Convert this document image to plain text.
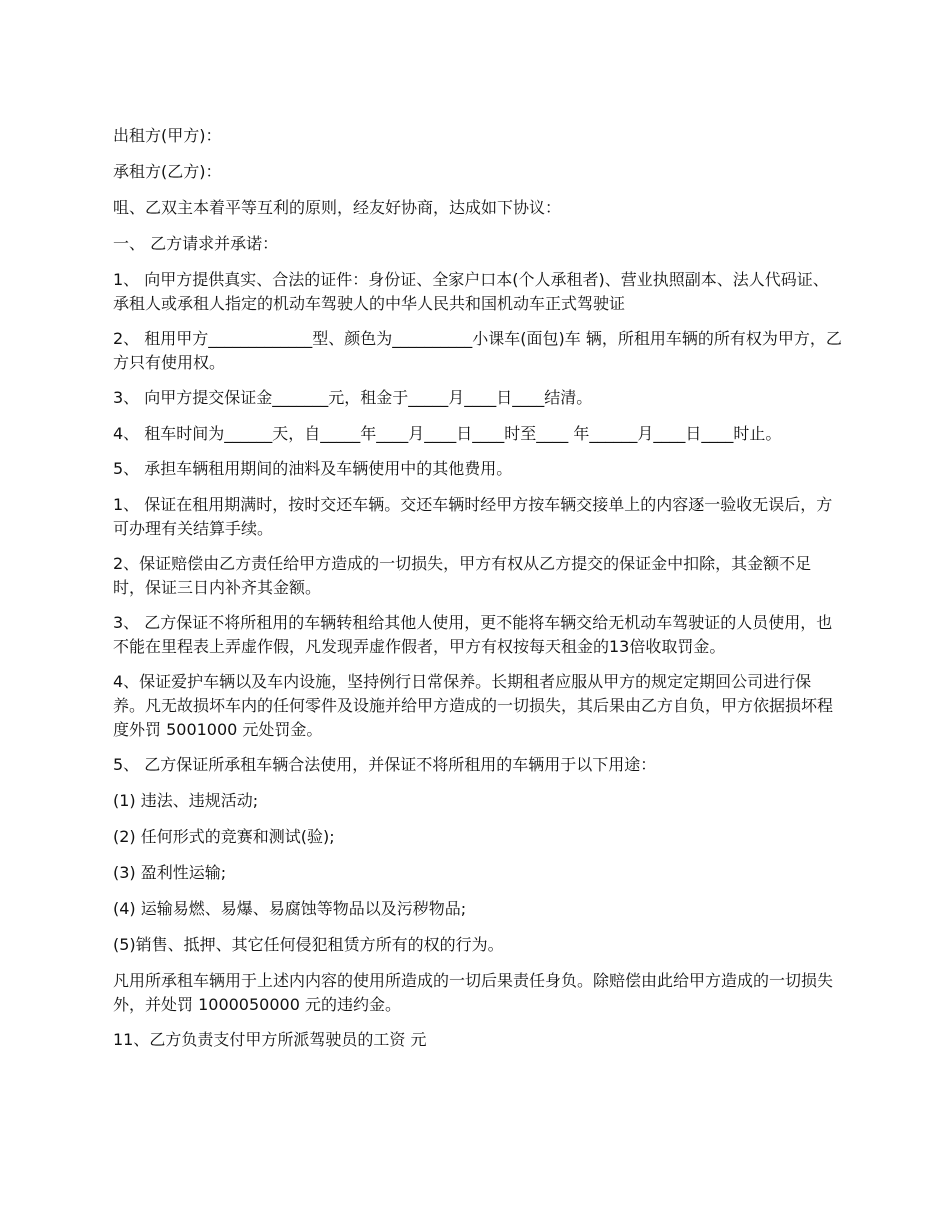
出租方(甲方)：

承租方(乙方)：

咀、乙双主本着平等互利的原则，经友好协商，达成如下协议：

一、 乙方请求并承诺：

1、 向甲方提供真实、合法的证件：身份证、全家户口本(个人承租者)、营业执照副本、法人代码证、承租人或承租人指定的机动车驾驶人的中华人民共和国机动车正式驾驶证

2、 租用甲方_____________型、颜色为__________小课车(面包)车 辆，所租用车辆的所有权为甲方，乙方只有使用权。

3、 向甲方提交保证金_______元，租金于_____月____日____结清。

4、 租车时间为______天，自_____年____月____日____时至____ 年______月____日____时止。

5、 承担车辆租用期间的油料及车辆使用中的其他费用。

1、 保证在租用期满时，按时交还车辆。交还车辆时经甲方按车辆交接单上的内容逐一验收无误后，方可办理有关结算手续。

2、保证赔偿由乙方责任给甲方造成的一切损失，甲方有权从乙方提交的保证金中扣除，其金额不足时，保证三日内补齐其金额。

3、 乙方保证不将所租用的车辆转租给其他人使用，更不能将车辆交给无机动车驾驶证的人员使用，也不能在里程表上弄虚作假，凡发现弄虚作假者，甲方有权按每天租金的13倍收取罚金。

4、保证爱护车辆以及车内设施，坚持例行日常保养。长期租者应服从甲方的规定定期回公司进行保养。凡无故损坏车内的任何零件及设施并给甲方造成的一切损失，其后果由乙方自负，甲方依据损坏程度外罚 5001000 元处罚金。

5、 乙方保证所承租车辆合法使用，并保证不将所租用的车辆用于以下用途：

(1) 违法、违规活动;

(2) 任何形式的竞赛和测试(验);

(3) 盈利性运输;

(4) 运输易燃、易爆、易腐蚀等物品以及污秽物品;

(5)销售、抵押、其它任何侵犯租赁方所有的权的行为。

凡用所承租车辆用于上述内内容的使用所造成的一切后果责任身负。除赔偿由此给甲方造成的一切损失外，并处罚 1000050000 元的违约金。

11、乙方负责支付甲方所派驾驶员的工资 元
